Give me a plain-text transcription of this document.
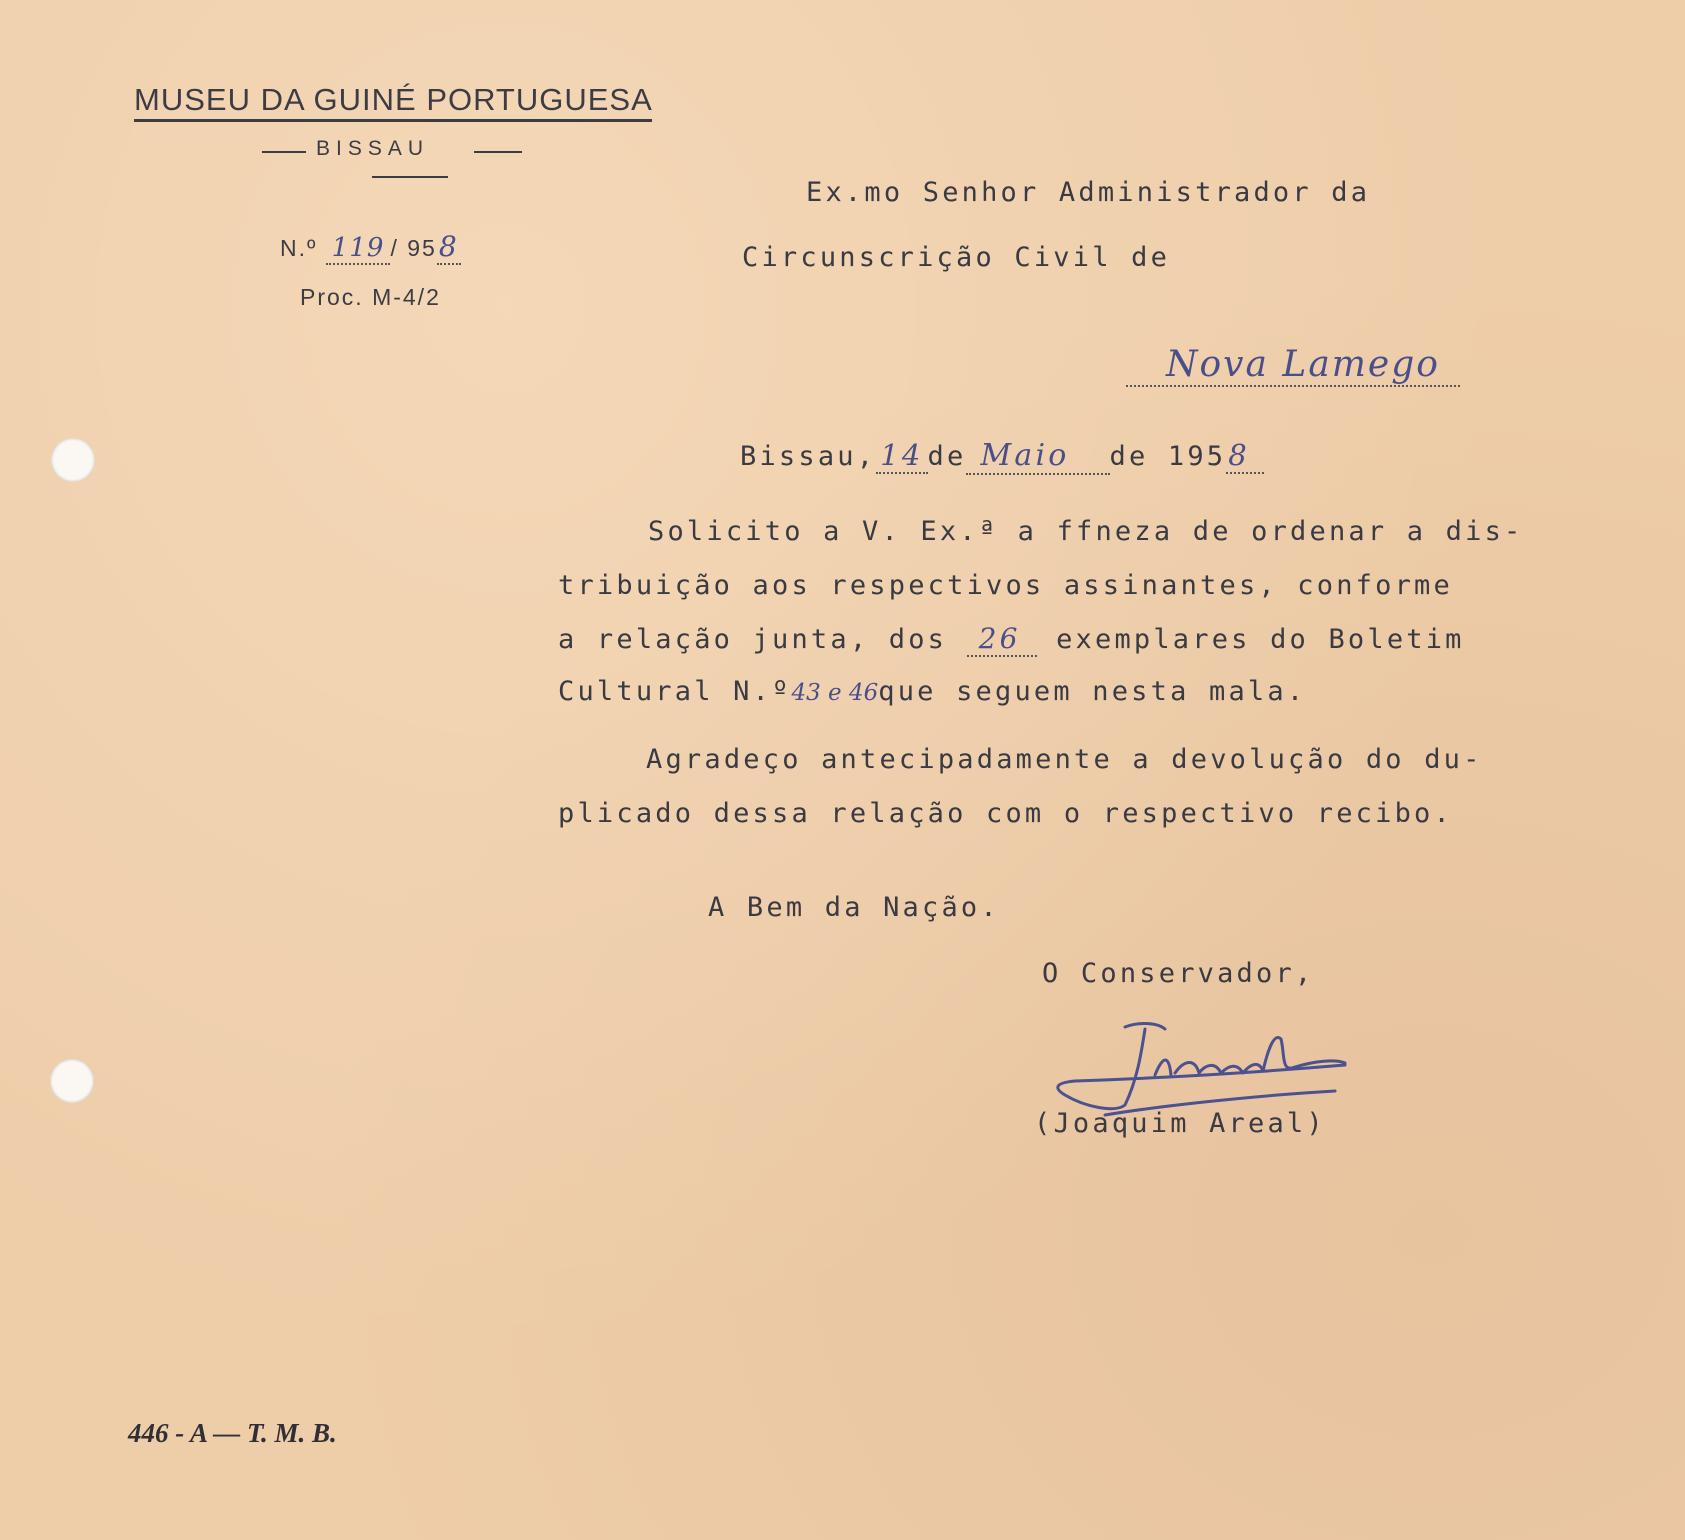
MUSEU DA GUINÉ PORTUGUESA
BISSAU
N.º 119 / 958
Proc. M-4/2
Ex.mo Senhor Administrador da
Circunscrição Civil de
Nova Lamego
Bissau, 14 de Maio de 1958
Solicito a V. Ex.ª a ffneza de ordenar a dis-
tribuição aos respectivos assinantes, conforme
a relação junta, dos 26 exemplares do Boletim
Cultural N.º43 e 46que seguem nesta mala.
Agradeço antecipadamente a devolução do du-
plicado dessa relação com o respectivo recibo.
A Bem da Nação.
O Conservador,
(Joaquim Areal)
446 - A — T. M. B.
